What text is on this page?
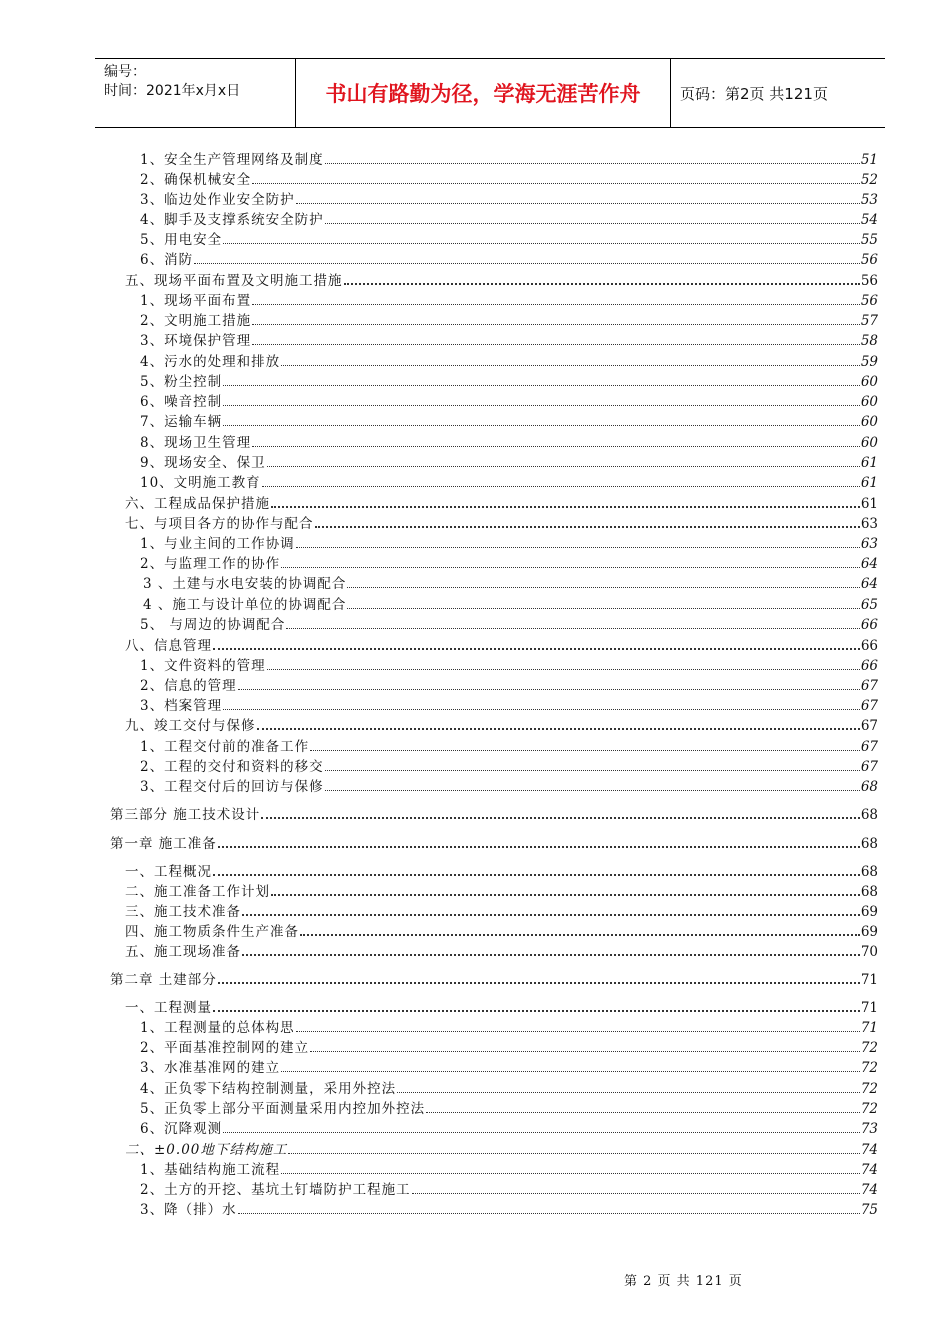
编号：
时间：2021年x月x日	书山有路勤为径，学海无涯苦作舟	页码：第2页 共121页
1、安全生产管理网络及制度	51
2、确保机械安全	52
3、临边处作业安全防护	53
4、脚手及支撑系统安全防护	54
5、用电安全	55
6、消防	56
五、现场平面布置及文明施工措施	56
1、现场平面布置	56
2、文明施工措施	57
3、环境保护管理	58
4、污水的处理和排放	59
5、粉尘控制	60
6、噪音控制	60
7、运输车辆	60
8、现场卫生管理	60
9、现场安全、保卫	61
10、文明施工教育	61
六、工程成品保护措施	61
七、与项目各方的协作与配合	63
1、与业主间的工作协调	63
2、与监理工作的协作	64
3 、土建与水电安装的协调配合	64
4 、施工与设计单位的协调配合	65
5、 与周边的协调配合	66
八、信息管理	66
1、文件资料的管理	66
2、信息的管理	67
3、档案管理	67
九、竣工交付与保修	67
1、工程交付前的准备工作	67
2、工程的交付和资料的移交	67
3、工程交付后的回访与保修	68
第三部分 施工技术设计	68
第一章 施工准备	68
一、工程概况	68
二、施工准备工作计划	68
三、施工技术准备	69
四、施工物质条件生产准备	69
五、施工现场准备	70
第二章 土建部分	71
一、工程测量	71
1、工程测量的总体构思	71
2、平面基准控制网的建立	72
3、水准基准网的建立	72
4、正负零下结构控制测量，采用外控法	72
5、正负零上部分平面测量采用内控加外控法	72
6、沉降观测	73
二、±0.00地下结构施工	74
1、基础结构施工流程	74
2、土方的开挖、基坑土钉墙防护工程施工	74
3、降（排）水	75
第 2 页 共 121 页
